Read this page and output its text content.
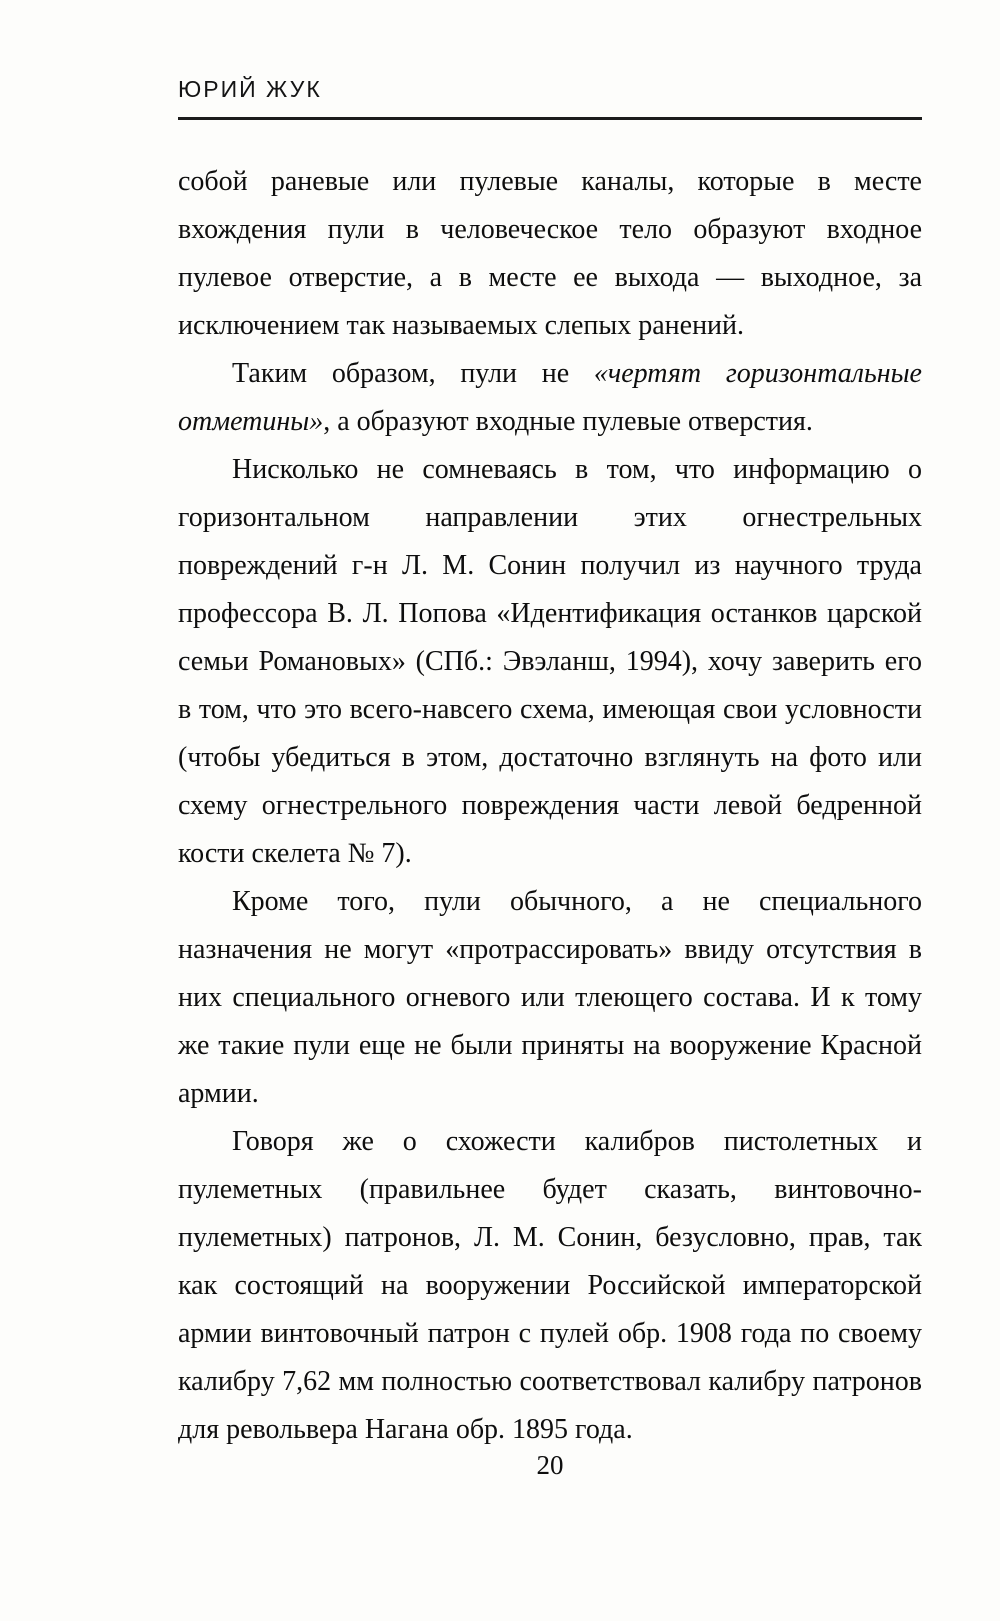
ЮРИЙ ЖУК

собой раневые или пулевые каналы, которые в месте вхождения пули в человеческое тело образуют входное пулевое отверстие, а в месте ее выхода — выходное, за исключением так называемых слепых ранений.

Таким образом, пули не «чертят горизонтальные отметины», а образуют входные пулевые отверстия.

Нисколько не сомневаясь в том, что информацию о горизонтальном направлении этих огнестрельных повреждений г-н Л. М. Сонин получил из научного труда профессора В. Л. Попова «Идентификация останков царской семьи Романовых» (СПб.: Эвэланш, 1994), хочу заверить его в том, что это всего-навсего схема, имеющая свои условности (чтобы убедиться в этом, достаточно взглянуть на фото или схему огнестрельного повреждения части левой бедренной кости скелета № 7).

Кроме того, пули обычного, а не специального назначения не могут «протрассировать» ввиду отсутствия в них специального огневого или тлеющего состава. И к тому же такие пули еще не были приняты на вооружение Красной армии.

Говоря же о схожести калибров пистолетных и пулеметных (правильнее будет сказать, винтовочно-пулеметных) патронов, Л. М. Сонин, безусловно, прав, так как состоящий на вооружении Российской императорской армии винтовочный патрон с пулей обр. 1908 года по своему калибру 7,62 мм полностью соответствовал калибру патронов для револьвера Нагана обр. 1895 года.

20
